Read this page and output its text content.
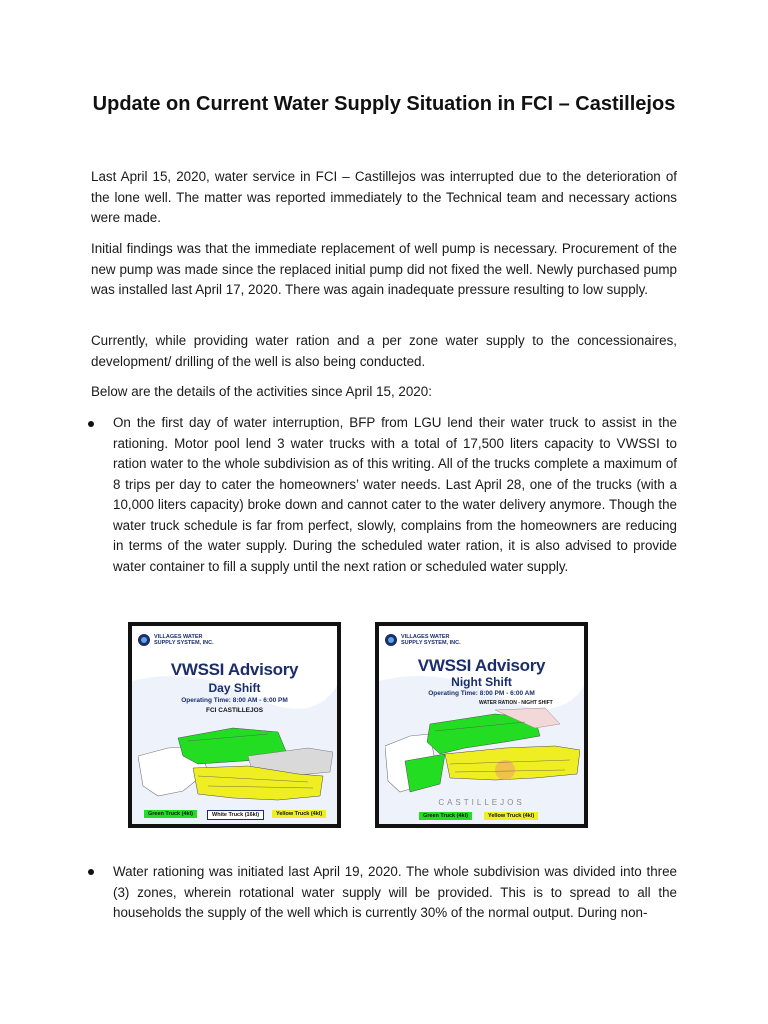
Update on Current Water Supply Situation in FCI – Castillejos

Last April 15, 2020, water service in FCI – Castillejos was interrupted due to the deterioration of the lone well. The matter was reported immediately to the Technical team and necessary actions were made.

Initial findings was that the immediate replacement of well pump is necessary. Procurement of the new pump was made since the replaced initial pump did not fixed the well. Newly purchased pump was installed last April 17, 2020. There was again inadequate pressure resulting to low supply.

Currently, while providing water ration and a per zone water supply to the concessionaires, development/ drilling of the well is also being conducted.

Below are the details of the activities since April 15, 2020:

On the first day of water interruption, BFP from LGU lend their water truck to assist in the rationing. Motor pool lend 3 water trucks with a total of 17,500 liters capacity to VWSSI to ration water to the whole subdivision as of this writing. All of the trucks complete a maximum of 8 trips per day to cater the homeowners’ water needs. Last April 28, one of the trucks (with a 10,000 liters capacity) broke down and cannot cater to the water delivery anymore. Though the water truck schedule is far from perfect, slowly, complains from the homeowners are reducing in terms of the water supply. During the scheduled water ration, it is also advised to provide water container to fill a supply until the next ration or scheduled water supply.

VILLAGES WATER
SUPPLY SYSTEM, INC.
VWSSI Advisory
Day Shift
Operating Time: 8:00 AM - 6:00 PM
FCI CASTILLEJOS
Green Truck (4kl)	White Truck (16kl)	Yellow Truck (4kl)
VILLAGES WATER
SUPPLY SYSTEM, INC.
VWSSI Advisory
Night Shift
Operating Time: 8:00 PM - 6:00 AM
WATER RATION - NIGHT SHIFT
CASTILLEJOS
Green Truck (4kl)	Yellow Truck (4kl)

Water rationing was initiated last April 19, 2020. The whole subdivision was divided into three (3) zones, wherein rotational water supply will be provided. This is to spread to all the households the supply of the well which is currently 30% of the normal output. During non-
